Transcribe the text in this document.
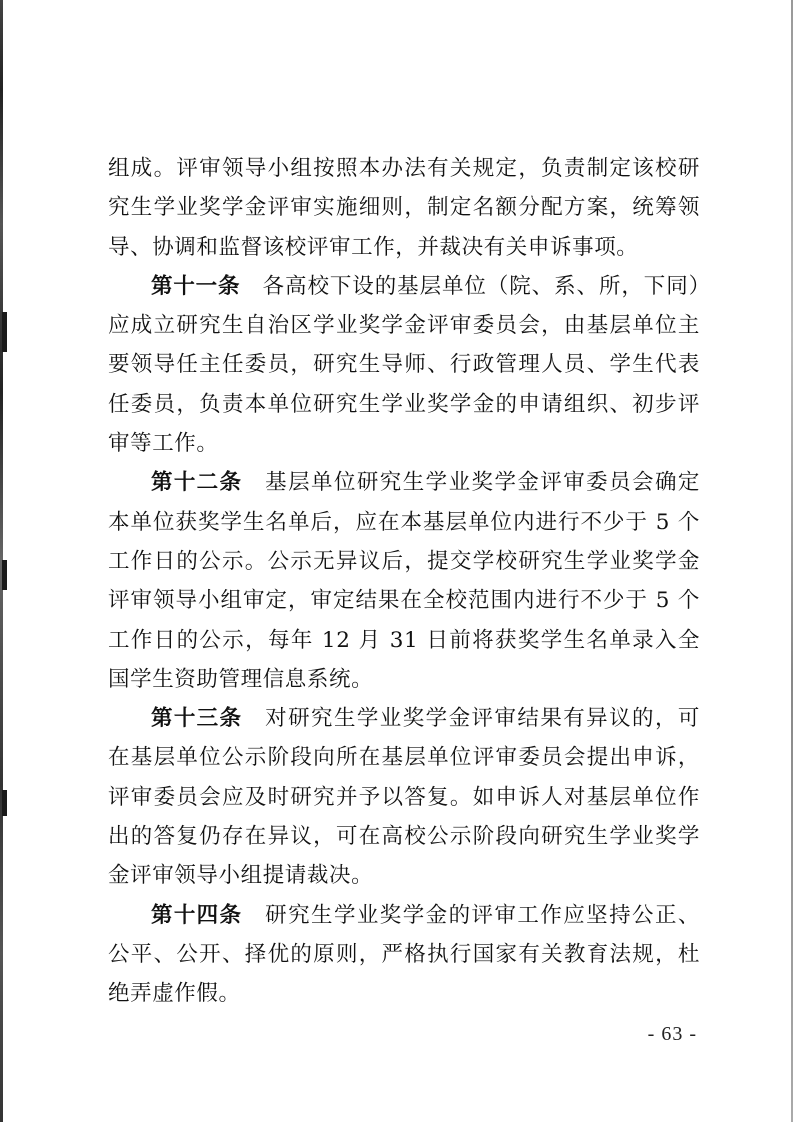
组成。评审领导小组按照本办法有关规定，负责制定该校研究生学业奖学金评审实施细则，制定名额分配方案，统筹领导、协调和监督该校评审工作，并裁决有关申诉事项。

第十一条 各高校下设的基层单位（院、系、所，下同）应成立研究生自治区学业奖学金评审委员会，由基层单位主要领导任主任委员，研究生导师、行政管理人员、学生代表任委员，负责本单位研究生学业奖学金的申请组织、初步评审等工作。

第十二条 基层单位研究生学业奖学金评审委员会确定本单位获奖学生名单后，应在本基层单位内进行不少于 5 个工作日的公示。公示无异议后，提交学校研究生学业奖学金评审领导小组审定，审定结果在全校范围内进行不少于 5 个工作日的公示，每年 12 月 31 日前将获奖学生名单录入全国学生资助管理信息系统。

第十三条 对研究生学业奖学金评审结果有异议的，可在基层单位公示阶段向所在基层单位评审委员会提出申诉，评审委员会应及时研究并予以答复。如申诉人对基层单位作出的答复仍存在异议，可在高校公示阶段向研究生学业奖学金评审领导小组提请裁决。

第十四条 研究生学业奖学金的评审工作应坚持公正、公平、公开、择优的原则，严格执行国家有关教育法规，杜绝弄虚作假。

- 63 -
